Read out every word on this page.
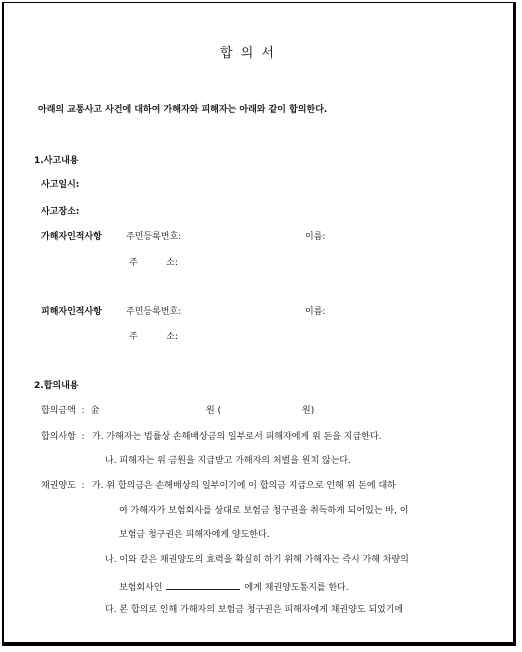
합 의 서
아래의 교통사고 사건에 대하여 가해자와 피해자는 아래와 같이 합의한다.
1.사고내용
사고일시:
사고장소:
가해자인적사항	주민등록번호:	이름:
주          소:
피해자인적사항	주민등록번호:	이름:
주          소:
2.합의내용
합의금액  :  金	원 (	원)
합의사항  : 가. 가해자는 법률상 손해배상금의 일부로서 피해자에게 위 돈을 지급한다.
나. 피해자는 위 금원을 지급받고 가해자의 처벌을 원치 않는다.
채권양도  : 가. 위 합의금은 손해배상의 일부이기에 이 합의금 지급으로 인해 위 돈에 대하
여 가해자가 보험회사를 상대로 보험금 청구권을 취득하게 되어있는 바, 이
보험금 청구권은 피해자에게 양도한다.
나. 이와 같은 채권양도의 효력을 확실히 하기 위해 가해자는 즉시 가해 차량의
보험회사인	에게 채권양도통지를 한다.
다. 본 합의로 인해 가해자의 보험금 청구권은 피해자에게 채권양도 되었기에
